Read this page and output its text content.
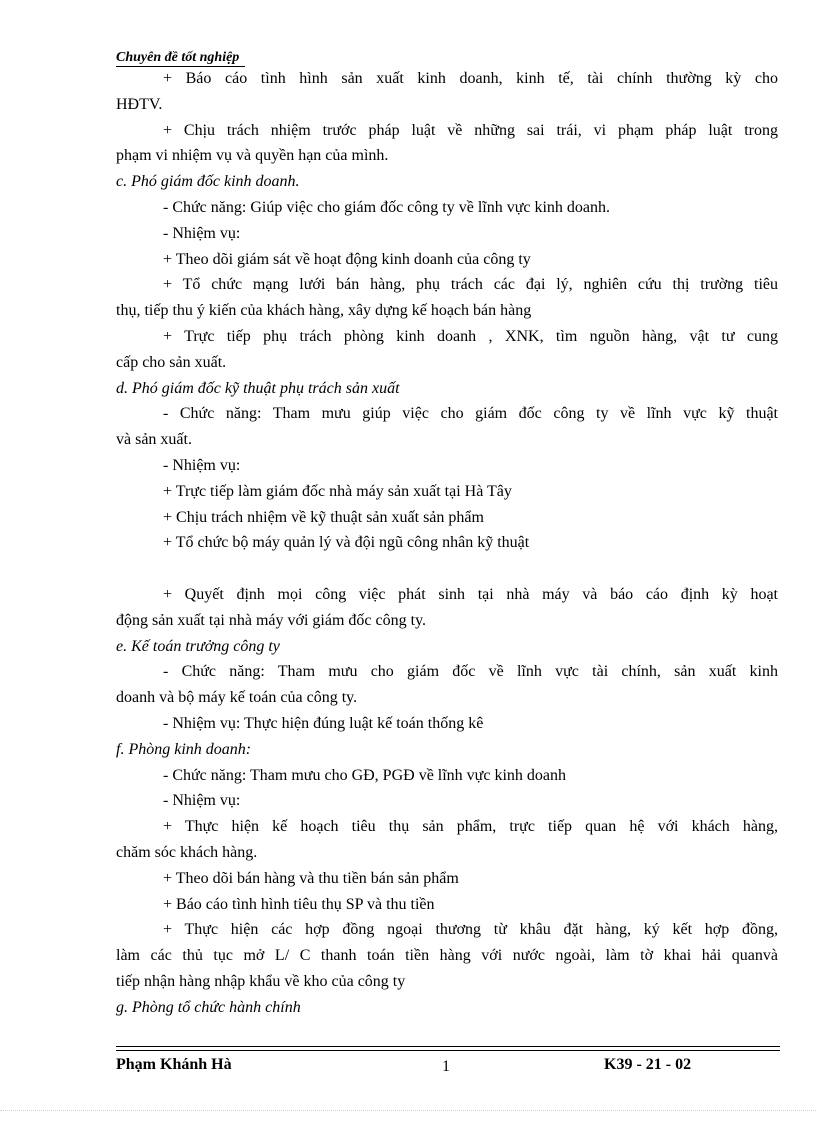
Chuyên đề tốt nghiệp
+ Báo cáo tình hình sản xuất kinh doanh, kinh tế, tài chính thường kỳ cho
HĐTV.
+ Chịu trách nhiệm trước pháp luật về những sai trái, vi phạm pháp luật trong
phạm vi nhiệm vụ và quyền hạn của mình.
c. Phó giám đốc kinh doanh.
- Chức năng: Giúp việc cho giám đốc công ty về lĩnh vực kinh doanh.
- Nhiệm vụ:
+ Theo dõi giám sát về hoạt động kinh doanh của công ty
+ Tổ chức mạng lưới bán hàng, phụ trách các đại lý, nghiên cứu thị trường tiêu
thụ, tiếp thu ý kiến của khách hàng, xây dựng kế hoạch bán hàng
+ Trực tiếp phụ trách phòng kinh doanh , XNK, tìm nguồn hàng, vật tư cung
cấp cho sản xuất.
d. Phó giám đốc kỹ thuật phụ trách sản xuất
- Chức năng: Tham mưu giúp việc cho giám đốc công ty về lĩnh vực kỹ thuật
và sản xuất.
- Nhiệm vụ:
+ Trực tiếp làm giám đốc nhà máy sản xuất tại Hà Tây
+ Chịu trách nhiệm về kỹ thuật sản xuất sản phẩm
+ Tổ chức bộ máy quản lý và đội ngũ công nhân kỹ thuật
+ Quyết định mọi công việc phát sinh tại nhà máy và báo cáo định kỳ hoạt
động sản xuất tại nhà máy với giám đốc công ty.
e. Kế toán trưởng công ty
- Chức năng: Tham mưu cho giám đốc về lĩnh vực tài chính, sản xuất kinh
doanh và bộ máy kế toán của công ty.
- Nhiệm vụ: Thực hiện đúng luật kế toán thống kê
f. Phòng kinh doanh:
- Chức năng: Tham mưu cho GĐ, PGĐ về lĩnh vực kinh doanh
- Nhiệm vụ:
+ Thực hiện kế hoạch tiêu thụ sản phẩm, trực tiếp quan hệ với khách hàng,
chăm sóc khách hàng.
+ Theo dõi bán hàng và thu tiền bán sản phẩm
+ Báo cáo tình hình tiêu thụ SP và thu tiền
+ Thực hiện các hợp đồng ngoại thương từ khâu đặt hàng, ký kết hợp đồng,
làm các thủ tục mở L/ C thanh toán tiền hàng với nước ngoài, làm tờ khai hải quanvà
tiếp nhận hàng nhập khẩu về kho của công ty
g. Phòng tổ chức hành chính
Phạm Khánh Hà	1	K39 - 21 - 02
